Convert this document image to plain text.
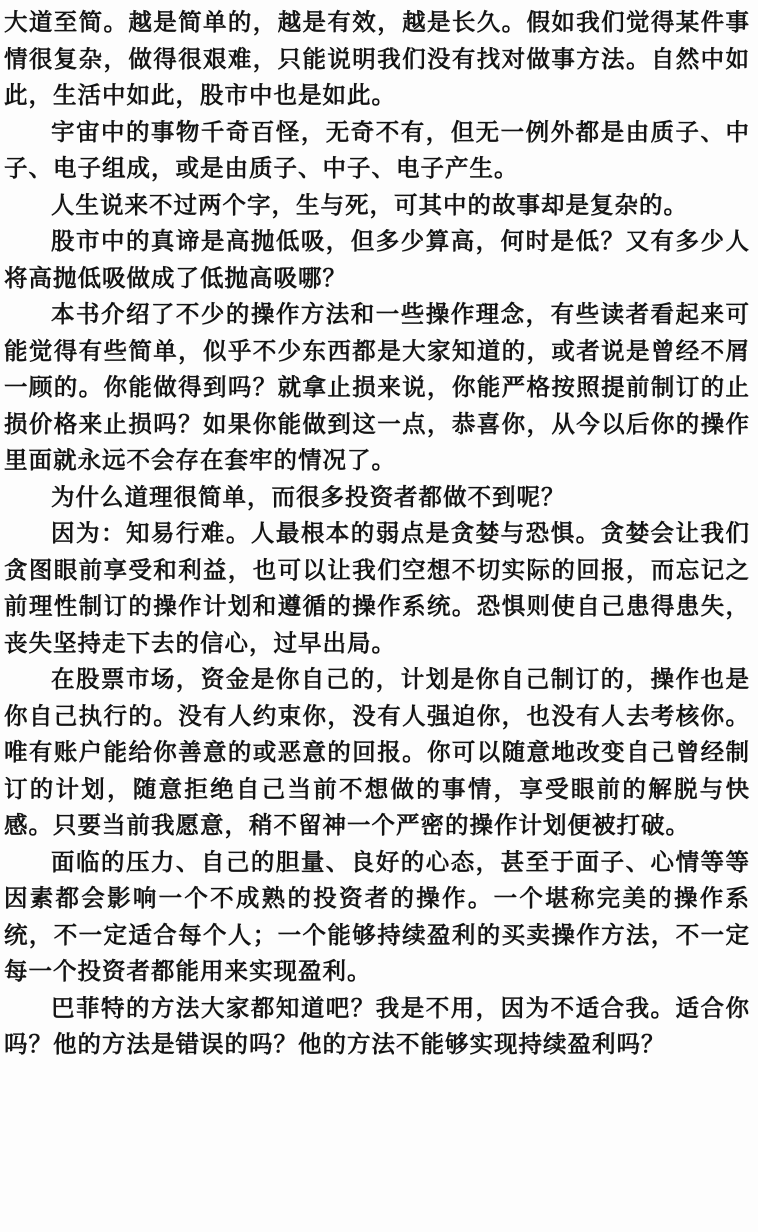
大道至简。越是简单的，越是有效，越是长久。假如我们觉得某件事情很复杂，做得很艰难，只能说明我们没有找对做事方法。自然中如此，生活中如此，股市中也是如此。

宇宙中的事物千奇百怪，无奇不有，但无一例外都是由质子、中子、电子组成，或是由质子、中子、电子产生。

人生说来不过两个字，生与死，可其中的故事却是复杂的。

股市中的真谛是高抛低吸，但多少算高，何时是低？又有多少人将高抛低吸做成了低抛高吸哪？

本书介绍了不少的操作方法和一些操作理念，有些读者看起来可能觉得有些简单，似乎不少东西都是大家知道的，或者说是曾经不屑一顾的。你能做得到吗？就拿止损来说，你能严格按照提前制订的止损价格来止损吗？如果你能做到这一点，恭喜你，从今以后你的操作里面就永远不会存在套牢的情况了。

为什么道理很简单，而很多投资者都做不到呢？

因为：知易行难。人最根本的弱点是贪婪与恐惧。贪婪会让我们贪图眼前享受和利益，也可以让我们空想不切实际的回报，而忘记之前理性制订的操作计划和遵循的操作系统。恐惧则使自己患得患失，丧失坚持走下去的信心，过早出局。

在股票市场，资金是你自己的，计划是你自己制订的，操作也是你自己执行的。没有人约束你，没有人强迫你，也没有人去考核你。唯有账户能给你善意的或恶意的回报。你可以随意地改变自己曾经制订的计划，随意拒绝自己当前不想做的事情，享受眼前的解脱与快感。只要当前我愿意，稍不留神一个严密的操作计划便被打破。

面临的压力、自己的胆量、良好的心态，甚至于面子、心情等等因素都会影响一个不成熟的投资者的操作。一个堪称完美的操作系统，不一定适合每个人；一个能够持续盈利的买卖操作方法，不一定每一个投资者都能用来实现盈利。

巴菲特的方法大家都知道吧？我是不用，因为不适合我。适合你吗？他的方法是错误的吗？他的方法不能够实现持续盈利吗？
